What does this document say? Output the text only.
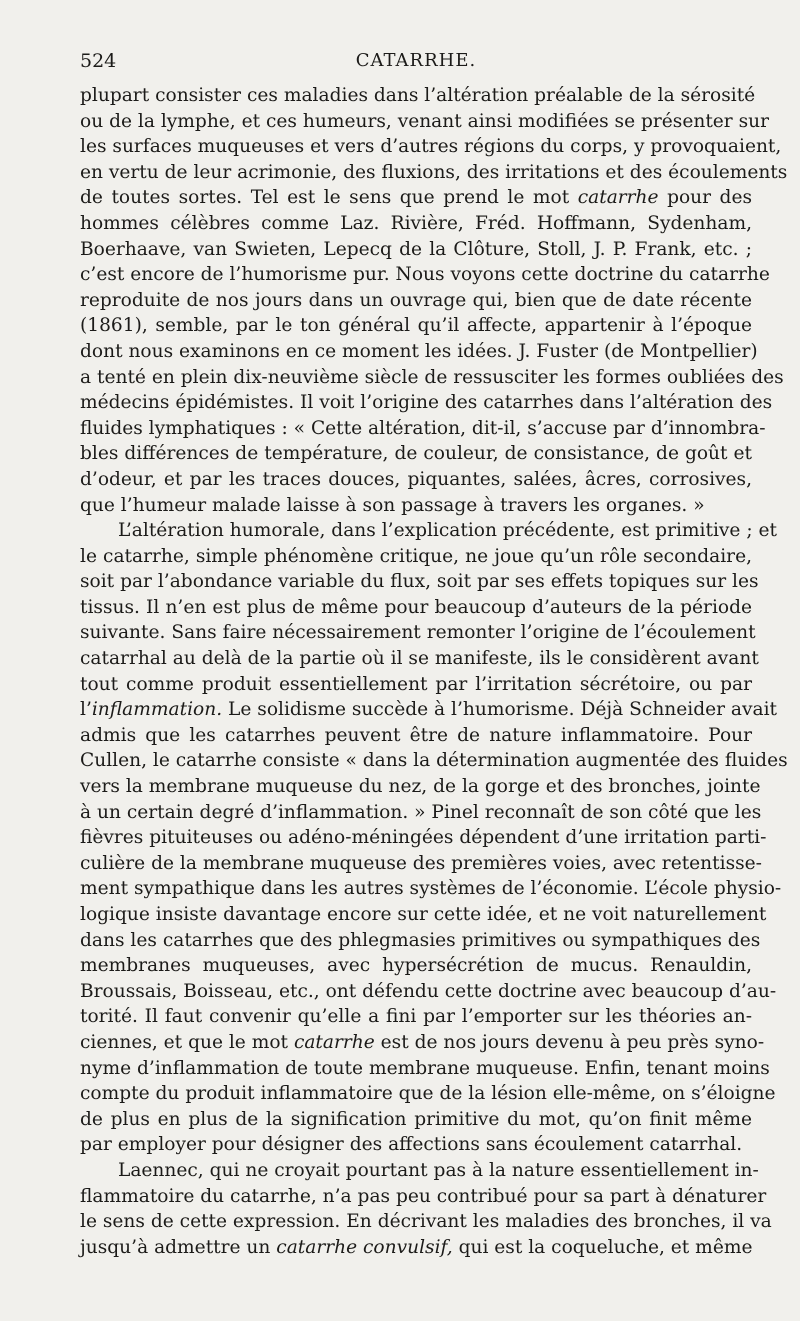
524	CATARRHE.
plupart consister ces maladies dans l’altération préalable de la sérosité
ou de la lymphe, et ces humeurs, venant ainsi modifiées se présenter sur
les surfaces muqueuses et vers d’autres régions du corps, y provoquaient,
en vertu de leur acrimonie, des fluxions, des irritations et des écoulements
de toutes sortes. Tel est le sens que prend le mot catarrhe pour des
hommes célèbres comme Laz. Rivière, Fréd. Hoffmann, Sydenham,
Boerhaave, van Swieten, Lepecq de la Clôture, Stoll, J. P. Frank, etc. ;
c’est encore de l’humorisme pur. Nous voyons cette doctrine du catarrhe
reproduite de nos jours dans un ouvrage qui, bien que de date récente
(1861), semble, par le ton général qu’il affecte, appartenir à l’époque
dont nous examinons en ce moment les idées. J. Fuster (de Montpellier)
a tenté en plein dix-neuvième siècle de ressusciter les formes oubliées des
médecins épidémistes. Il voit l’origine des catarrhes dans l’altération des
fluides lymphatiques : « Cette altération, dit-il, s’accuse par d’innombra-
bles différences de température, de couleur, de consistance, de goût et
d’odeur, et par les traces douces, piquantes, salées, âcres, corrosives,
que l’humeur malade laisse à son passage à travers les organes. »
L’altération humorale, dans l’explication précédente, est primitive ; et
le catarrhe, simple phénomène critique, ne joue qu’un rôle secondaire,
soit par l’abondance variable du flux, soit par ses effets topiques sur les
tissus. Il n’en est plus de même pour beaucoup d’auteurs de la période
suivante. Sans faire nécessairement remonter l’origine de l’écoulement
catarrhal au delà de la partie où il se manifeste, ils le considèrent avant
tout comme produit essentiellement par l’irritation sécrétoire, ou par
l’inflammation. Le solidisme succède à l’humorisme. Déjà Schneider avait
admis que les catarrhes peuvent être de nature inflammatoire. Pour
Cullen, le catarrhe consiste « dans la détermination augmentée des fluides
vers la membrane muqueuse du nez, de la gorge et des bronches, jointe
à un certain degré d’inflammation. » Pinel reconnaît de son côté que les
fièvres pituiteuses ou adéno-méningées dépendent d’une irritation parti-
culière de la membrane muqueuse des premières voies, avec retentisse-
ment sympathique dans les autres systèmes de l’économie. L’école physio-
logique insiste davantage encore sur cette idée, et ne voit naturellement
dans les catarrhes que des phlegmasies primitives ou sympathiques des
membranes muqueuses, avec hypersécrétion de mucus. Renauldin,
Broussais, Boisseau, etc., ont défendu cette doctrine avec beaucoup d’au-
torité. Il faut convenir qu’elle a fini par l’emporter sur les théories an-
ciennes, et que le mot catarrhe est de nos jours devenu à peu près syno-
nyme d’inflammation de toute membrane muqueuse. Enfin, tenant moins
compte du produit inflammatoire que de la lésion elle-même, on s’éloigne
de plus en plus de la signification primitive du mot, qu’on finit même
par employer pour désigner des affections sans écoulement catarrhal.
Laennec, qui ne croyait pourtant pas à la nature essentiellement in-
flammatoire du catarrhe, n’a pas peu contribué pour sa part à dénaturer
le sens de cette expression. En décrivant les maladies des bronches, il va
jusqu’à admettre un catarrhe convulsif, qui est la coqueluche, et même
